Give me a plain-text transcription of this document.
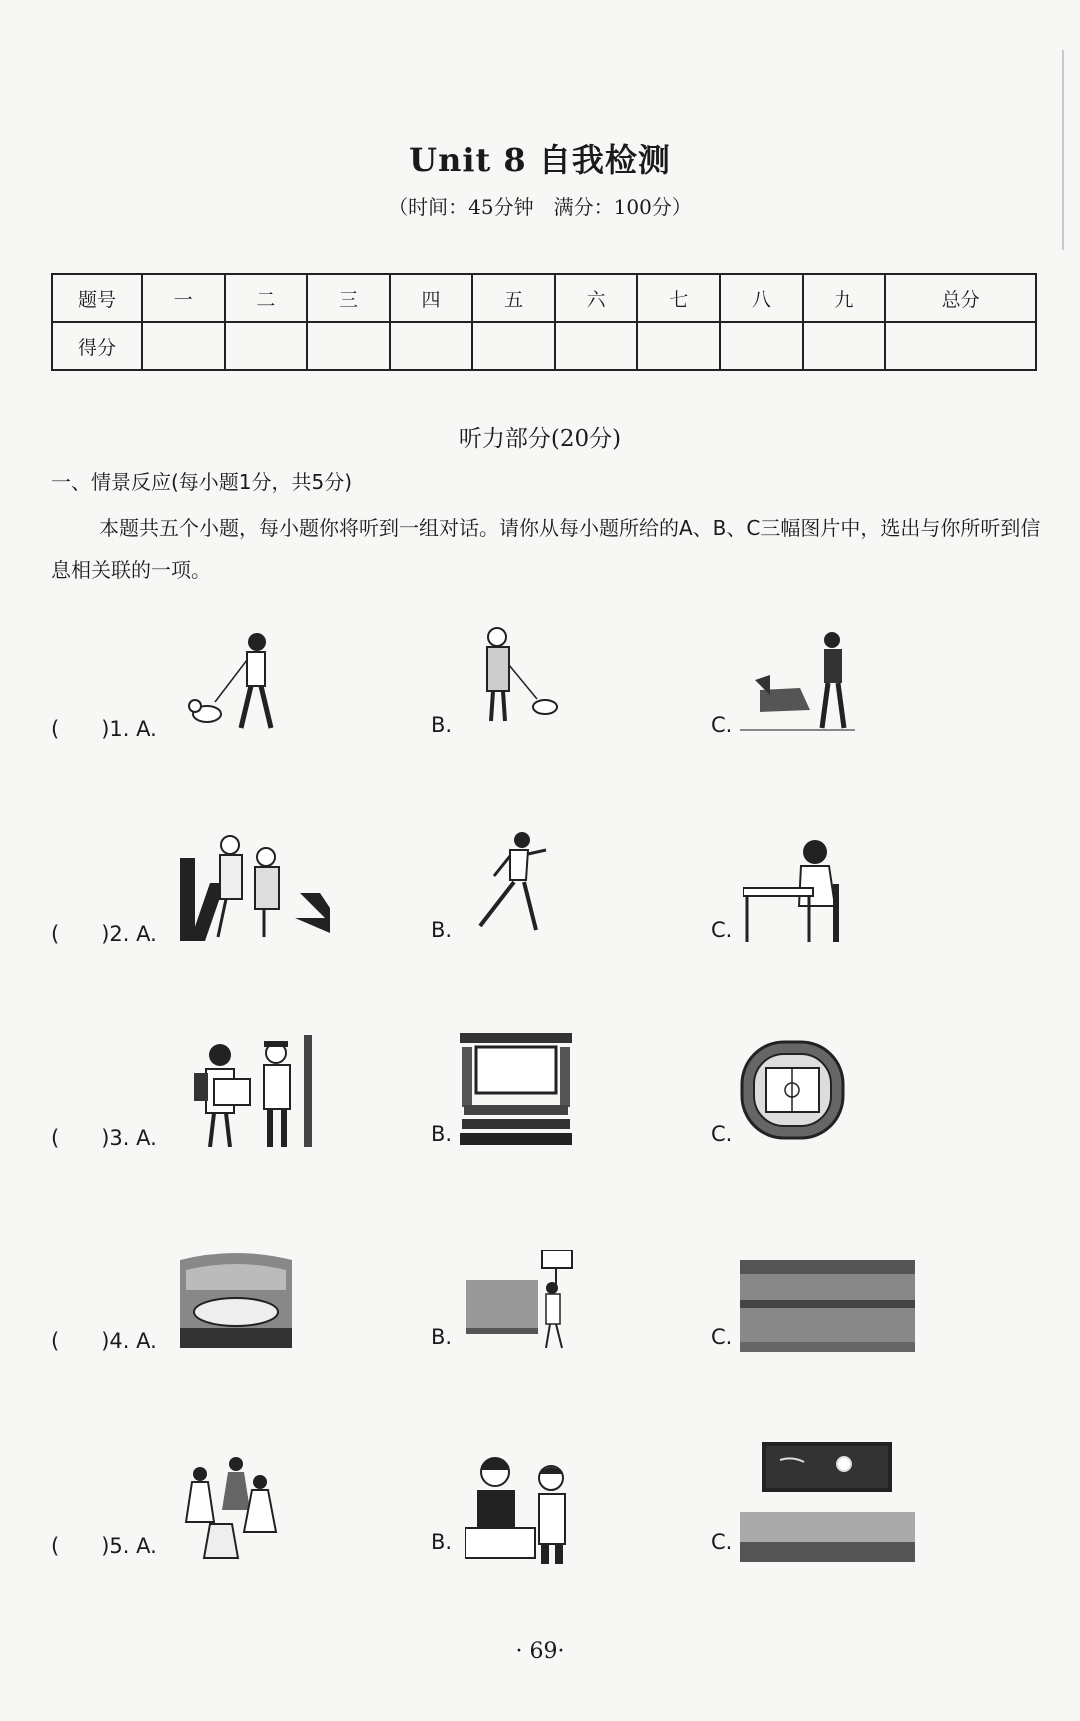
Unit 8 自我检测
（时间：45分钟　满分：100分）
题号	一	二	三	四	五	六	七	八	九	总分
得分										
听力部分(20分)
一、情景反应(每小题1分，共5分)
本题共五个小题，每小题你将听到一组对话。请你从每小题所给的A、B、C三幅图片中，选出与你所听到信息相关联的一项。
(　　)1. A.	B.	C.
(　　)2. A.	B.	C.
(　　)3. A.	B.	C.
(　　)4. A.	B.	C.
(　　)5. A.	B.	C.
· 69·
